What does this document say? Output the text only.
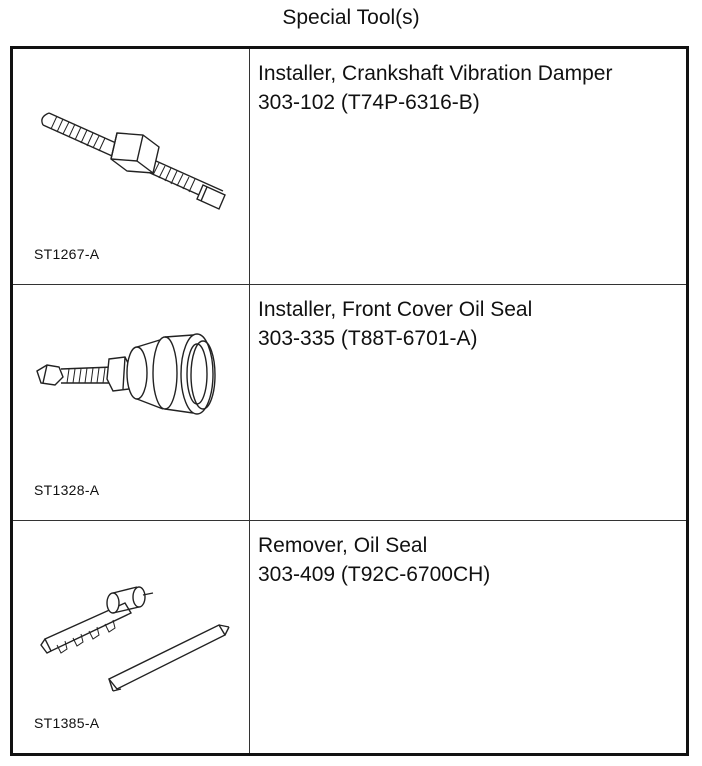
Special Tool(s)
ST1267-A
Installer, Crankshaft Vibration Damper
303-102 (T74P-6316-B)
ST1328-A
Installer, Front Cover Oil Seal
303-335 (T88T-6701-A)
ST1385-A
Remover, Oil Seal
303-409 (T92C-6700CH)
